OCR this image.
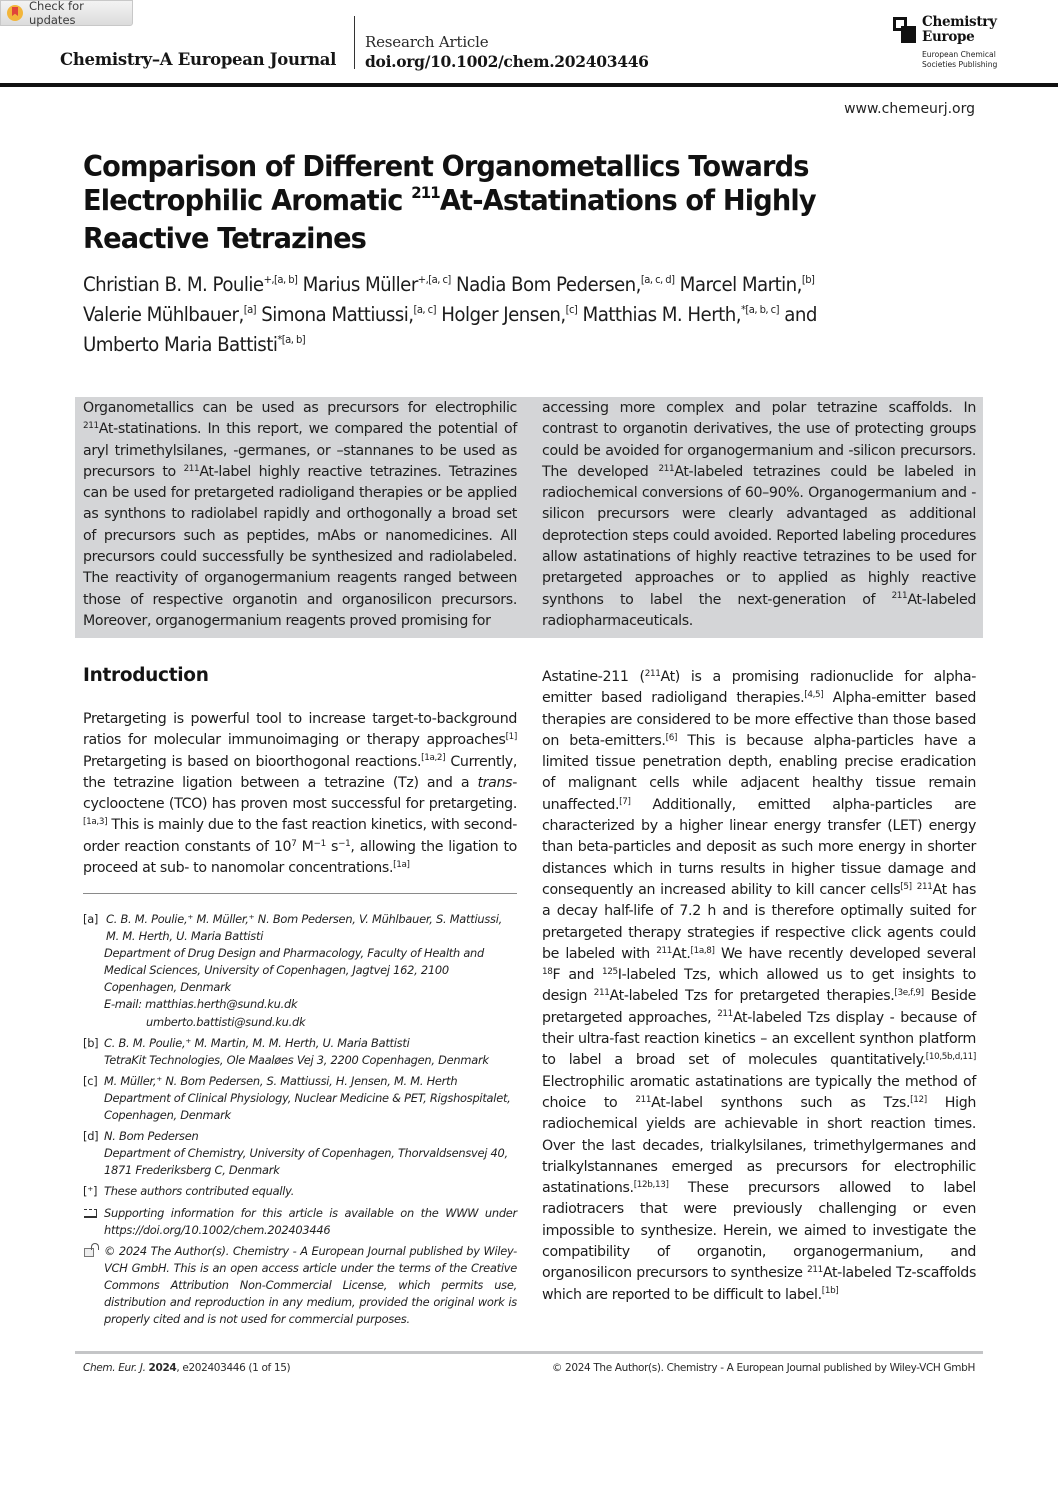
Check for updates
Chemistry–A European Journal
Research Article
doi.org/10.1002/chem.202403446
Chemistry
Europe
European Chemical
Societies Publishing
www.chemeurj.org
Comparison of Different Organometallics Towards Electrophilic Aromatic $^{211}$At-Astatinations of Highly Reactive Tetrazines
Christian B. M. Poulie$^{+,[a, b]}$ Marius Müller$^{+,[a, c]}$ Nadia Bom Pedersen,[a, c, d] Marcel Martin,[b]
Valerie Mühlbauer,[a] Simona Mattiussi,[a, c] Holger Jensen,[c] Matthias M. Herth,$^{*[a, b, c]}$ and
Umberto Maria Battisti$^{*[a, b]}$
Organometallics can be used as precursors for electrophilic $^{211}$At-statinations. In this report, we compared the potential of aryl trimethylsilanes, -germanes, or –stannanes to be used as precursors to $^{211}$At-label highly reactive tetrazines. Tetrazines can be used for pretargeted radioligand therapies or be applied as synthons to radiolabel rapidly and orthogonally a broad set of precursors such as peptides, mAbs or nanomedicines. All precursors could successfully be synthesized and radiolabeled. The reactivity of organogermanium reagents ranged between those of respective organotin and organosilicon precursors. Moreover, organogermanium reagents proved promising for
accessing more complex and polar tetrazine scaffolds. In contrast to organotin derivatives, the use of protecting groups could be avoided for organogermanium and -silicon precursors. The developed $^{211}$At-labeled tetrazines could be labeled in radiochemical conversions of 60–90%. Organogermanium and -silicon precursors were clearly advantaged as additional deprotection steps could avoided. Reported labeling procedures allow astatinations of highly reactive tetrazines to be used for pretargeted approaches or to applied as highly reactive synthons to label the next-generation of $^{211}$At-labeled radiopharmaceuticals.
Introduction
Pretargeting is powerful tool to increase target-to-background ratios for molecular immunoimaging or therapy approaches[1] Pretargeting is based on bioorthogonal reactions.[1a,2] Currently, the tetrazine ligation between a tetrazine (Tz) and a trans-cyclooctene (TCO) has proven most successful for pretargeting.[1a,3] This is mainly due to the fast reaction kinetics, with second-order reaction constants of $10^7$ $M^{-1}$ $s^{-1}$, allowing the ligation to proceed at sub- to nanomolar concentrations.[1a]
Astatine-211 ($^{211}$At) is a promising radionuclide for alpha-emitter based radioligand therapies.[4,5] Alpha-emitter based therapies are considered to be more effective than those based on beta-emitters.[6] This is because alpha-particles have a limited tissue penetration depth, enabling precise eradication of malignant cells while adjacent healthy tissue remain unaffected.[7] Additionally, emitted alpha-particles are characterized by a higher linear energy transfer (LET) energy than beta-particles and deposit as such more energy in shorter distances which in turns results in higher tissue damage and consequently an increased ability to kill cancer cells[5] $^{211}$At has a decay half-life of 7.2 h and is therefore optimally suited for pretargeted therapy strategies if respective click agents could be labeled with $^{211}$At.[1a,8] We have recently developed several $^{18}$F and $^{125}$I-labeled Tzs, which allowed us to get insights to design $^{211}$At-labeled Tzs for pretargeted therapies.[3e,f,9] Beside pretargeted approaches, $^{211}$At-labeled Tzs display - because of their ultra-fast reaction kinetics – an excellent synthon platform to label a broad set of molecules quantitatively.[10,5b,d,11] Electrophilic aromatic astatinations are typically the method of choice to $^{211}$At-label synthons such as Tzs.[12] High radiochemical yields are achievable in short reaction times. Over the last decades, trialkylsilanes, trimethylgermanes and trialkylstannanes emerged as precursors for electrophilic astatinations.[12b,13] These precursors allowed to label radiotracers that were previously challenging or even impossible to synthesize. Herein, we aimed to investigate the compatibility of organotin, organogermanium, and organosilicon precursors to synthesize $^{211}$At-labeled Tz-scaffolds which are reported to be difficult to label.[1b]
[a] C. B. M. Poulie,⁺ M. Müller,⁺ N. Bom Pedersen, V. Mühlbauer, S. Mattiussi, M. M. Herth, U. Maria Battisti
Department of Drug Design and Pharmacology, Faculty of Health and Medical Sciences, University of Copenhagen, Jagtvej 162, 2100 Copenhagen, Denmark
E-mail: matthias.herth@sund.ku.dk
umberto.battisti@sund.ku.dk
[b] C. B. M. Poulie,⁺ M. Martin, M. M. Herth, U. Maria Battisti
TetraKit Technologies, Ole Maaløes Vej 3, 2200 Copenhagen, Denmark
[c] M. Müller,⁺ N. Bom Pedersen, S. Mattiussi, H. Jensen, M. M. Herth
Department of Clinical Physiology, Nuclear Medicine & PET, Rigshospitalet, Copenhagen, Denmark
[d] N. Bom Pedersen
Department of Chemistry, University of Copenhagen, Thorvaldsensvej 40, 1871 Frederiksberg C, Denmark
[⁺] These authors contributed equally.
Supporting information for this article is available on the WWW under https://doi.org/10.1002/chem.202403446
© 2024 The Author(s). Chemistry - A European Journal published by Wiley-VCH GmbH. This is an open access article under the terms of the Creative Commons Attribution Non-Commercial License, which permits use, distribution and reproduction in any medium, provided the original work is properly cited and is not used for commercial purposes.
Chem. Eur. J. 2024, e202403446 (1 of 15)	© 2024 The Author(s). Chemistry - A European Journal published by Wiley-VCH GmbH
